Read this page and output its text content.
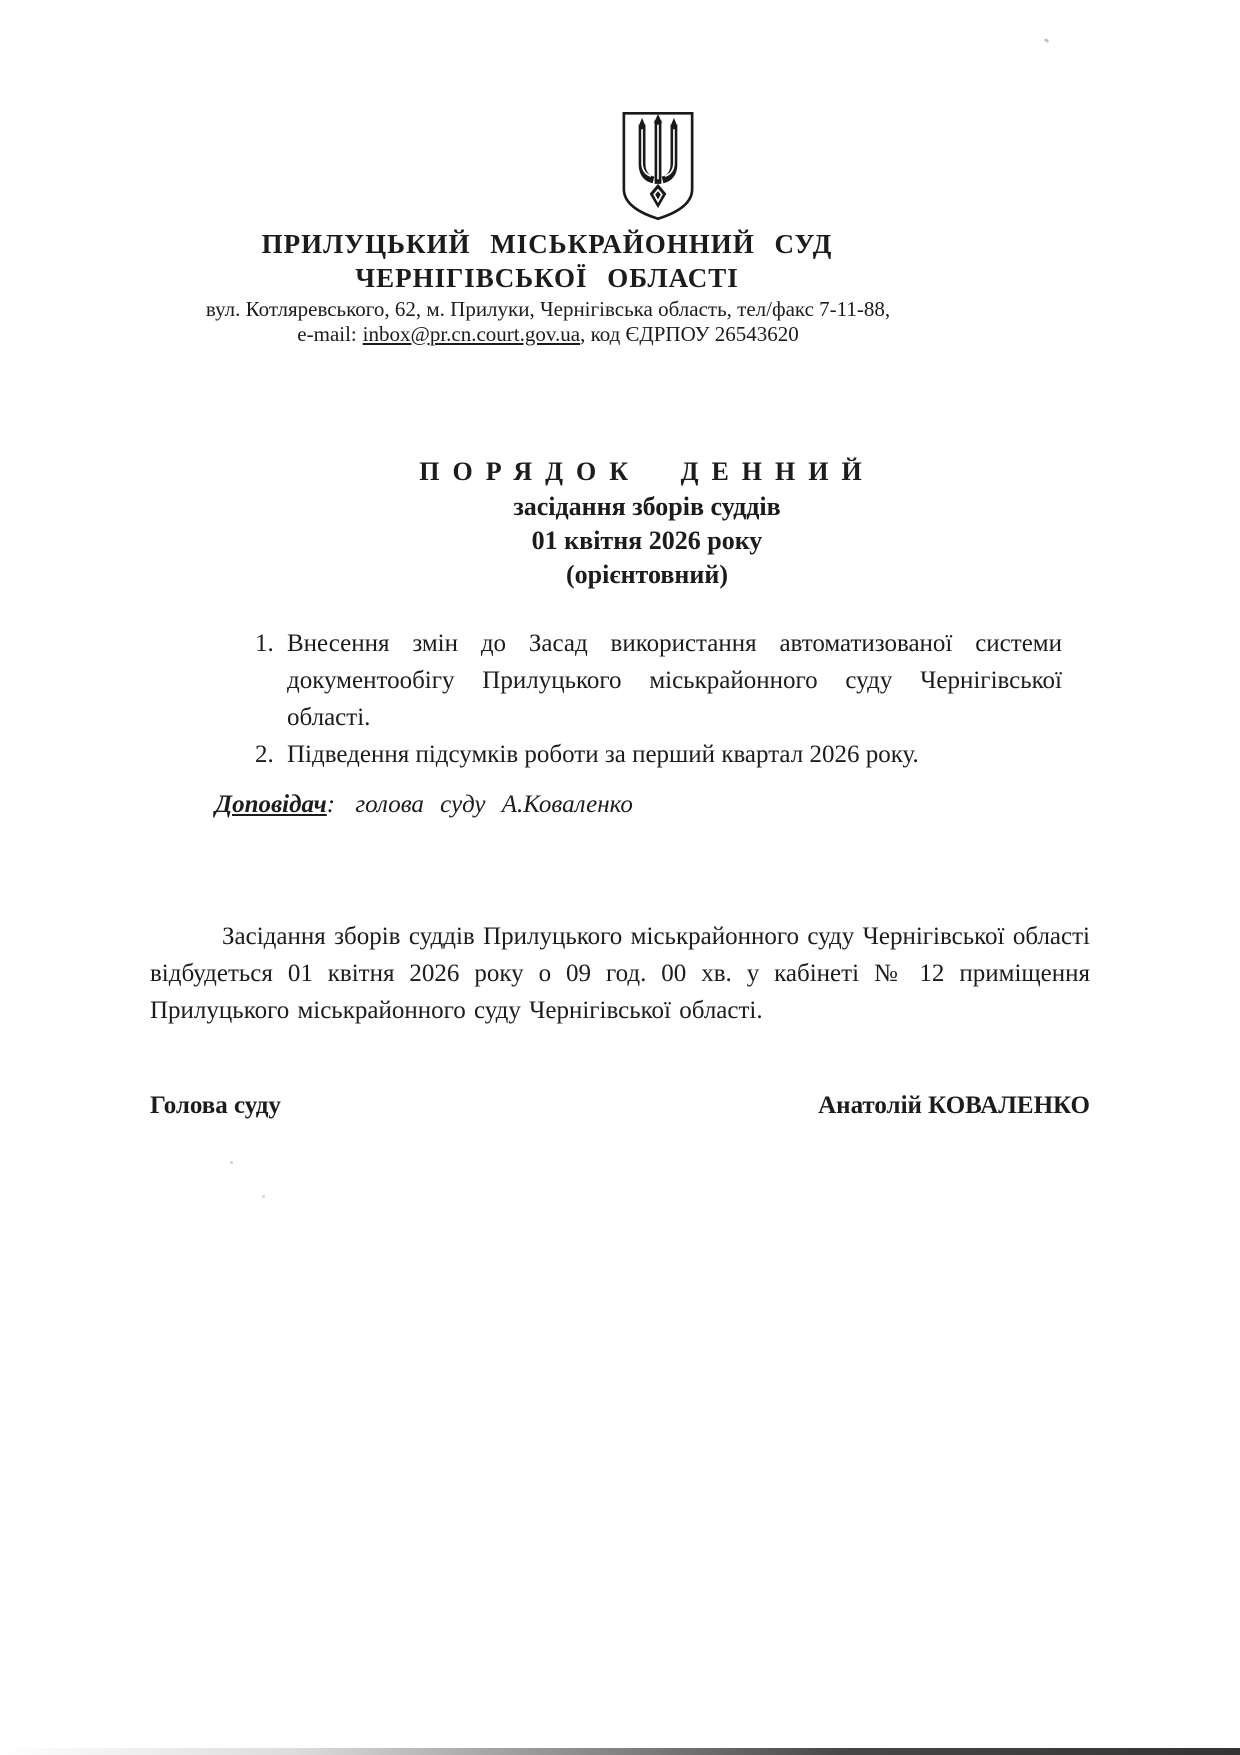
ПРИЛУЦЬКИЙ МІСЬКРАЙОННИЙ СУД
ЧЕРНІГІВСЬКОЇ ОБЛАСТІ
вул. Котляревського, 62, м. Прилуки, Чернігівська область, тел/факс 7-11-88,
e-mail: inbox@pr.cn.court.gov.ua, код ЄДРПОУ 26543620
ПОРЯДОК ДЕННИЙ
засідання зборів суддів
01 квітня 2026 року
(орієнтовний)
1. Внесення змін до Засад використання автоматизованої системи документообігу Прилуцького міськрайонного суду Чернігівської області.
2. Підведення підсумків роботи за перший квартал 2026 року.
Доповідач: голова суду А.Коваленко

Засідання зборів суддів Прилуцького міськрайонного суду Чернігівської області відбудеться 01 квітня 2026 року о 09 год. 00 хв. у кабінеті № 12 приміщення Прилуцького міськрайонного суду Чернігівської області.

Голова суду	Анатолій КОВАЛЕНКО
